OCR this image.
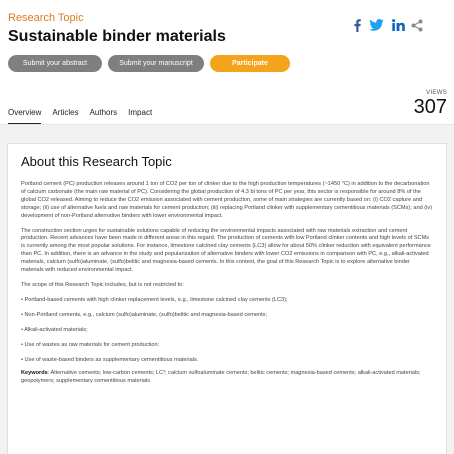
Research Topic
Sustainable binder materials
Submit your abstract	Submit your manuscript	Participate
Overview Articles Authors Impact
VIEWS
307
About this Research Topic

Portland cement (PC) production releases around 1 ton of CO2 per ton of clinker due to the high production temperatures (~1450 °C) in addition to the decarbonation of calcium carbonate (the main raw material of PC). Considering the global production of 4.3 bl tons of PC per year, this sector is responsible for around 8% of the global CO2 released. Aiming to reduce the CO2 emission associated with cement production, some of main strategies are currently based on: (i) CO2 capture and storage; (ii) use of alternative fuels and raw materials for cement production; (iii) replacing Portland clinker with supplementary cementitious materials (SCMs); and (iv) development of non-Portland alternative binders with lower environmental impact.

The construction section urges for sustainable solutions capable of reducing the environmental impacts associated with raw materials extraction and cement production. Recent advances have been made in different areas in this regard. The production of cements with low Portland clinker contents and high levels of SCMs is currently among the most popular solutions. For instance, limestone calcined clay cements (LC3) allow for about 50% clinker reduction with equivalent performance than PC. In addition, there is an advance in the study and popularization of alternative binders with lower CO2 emissions in comparison with PC, e.g., alkali-activated materials, calcium (sulfo)aluminate, (sulfo)belitic and magnesia-based cements. In this context, the goal of this Research Topic is to explore alternative binder materials with reduced environmental impact.

The scope of this Research Topic includes, but is not restricted to:

• Portland-based cements with high clinker replacement levels, e.g., limestone calcined clay cements (LC3);

• Non-Portland cements, e.g., calcium (sulfo)aluminate, (sulfo)belitic and magnesia-based cements;

• Alkali-activated materials;

• Use of wastes as raw materials for cement production;

• Use of waste-based binders as supplementary cementitious materials.

Keywords: Alternative cements; low-carbon cements; LC³; calcium sulfoaluminate cements; belitic cements; magnesia-based cements; alkali-activated materials; geopolymers; supplementary cementitious materials
